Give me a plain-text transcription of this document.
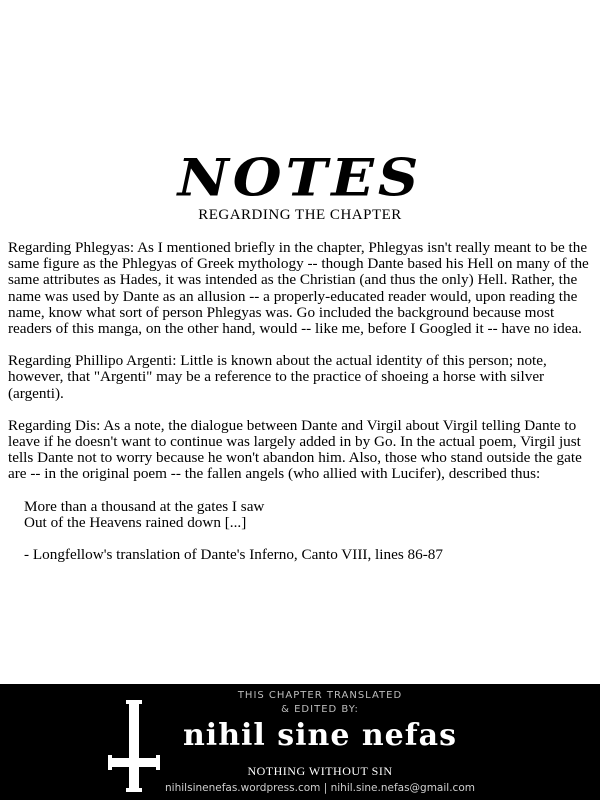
NOTES
REGARDING THE CHAPTER

Regarding Phlegyas: As I mentioned briefly in the chapter, Phlegyas isn't really meant to be the same figure as the Phlegyas of Greek mythology -- though Dante based his Hell on many of the same attributes as Hades, it was intended as the Christian (and thus the only) Hell. Rather, the name was used by Dante as an allusion -- a properly-educated reader would, upon reading the name, know what sort of person Phlegyas was. Go included the background because most readers of this manga, on the other hand, would -- like me, before I Googled it -- have no idea.

Regarding Phillipo Argenti: Little is known about the actual identity of this person; note, however, that "Argenti" may be a reference to the practice of shoeing a horse with silver (argenti).

Regarding Dis: As a note, the dialogue between Dante and Virgil about Virgil telling Dante to leave if he doesn't want to continue was largely added in by Go. In the actual poem, Virgil just tells Dante not to worry because he won't abandon him. Also, those who stand outside the gate are -- in the original poem -- the fallen angels (who allied with Lucifer), described thus:

More than a thousand at the gates I saw
Out of the Heavens rained down [...]
- Longfellow's translation of Dante's Inferno, Canto VIII, lines 86-87
THIS CHAPTER TRANSLATED
& EDITED BY:
nihil sine nefas
NOTHING WITHOUT SIN
nihilsinenefas.wordpress.com | nihil.sine.nefas@gmail.com
